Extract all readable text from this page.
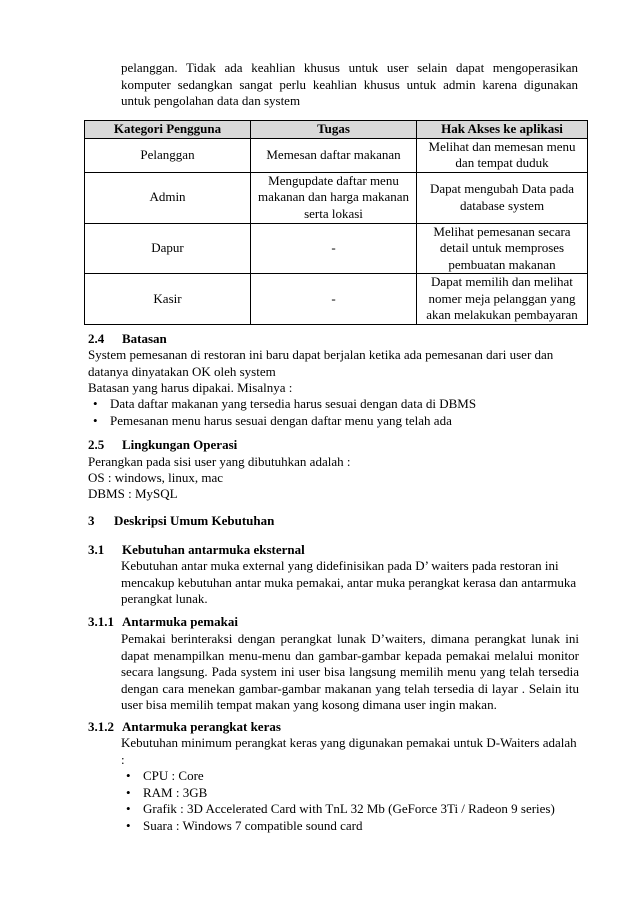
pelanggan. Tidak ada keahlian khusus untuk user selain dapat mengoperasikan komputer sedangkan sangat perlu keahlian khusus untuk admin karena digunakan untuk pengolahan data dan system
Kategori Pengguna	Tugas	Hak Akses ke aplikasi
Pelanggan	Memesan daftar makanan	Melihat dan memesan menu dan tempat duduk
Admin	Mengupdate daftar menu makanan dan harga makanan serta lokasi	Dapat mengubah Data pada database system
Dapur	-	Melihat pemesanan secara detail untuk memproses pembuatan makanan
Kasir	-	Dapat memilih dan melihat nomer meja pelanggan yang akan melakukan pembayaran
2.4 Batasan
System pemesanan di restoran ini baru dapat berjalan ketika ada pemesanan dari user dan datanya dinyatakan OK oleh system
Batasan yang harus dipakai. Misalnya :
• Data daftar makanan yang tersedia harus sesuai dengan data di DBMS
• Pemesanan menu harus sesuai dengan daftar menu yang telah ada
2.5 Lingkungan Operasi
Perangkan pada sisi user yang dibutuhkan adalah :
OS : windows, linux, mac
DBMS : MySQL
3 Deskripsi Umum Kebutuhan
3.1 Kebutuhan antarmuka eksternal
Kebutuhan antar muka external yang didefinisikan pada D’ waiters pada restoran ini mencakup kebutuhan antar muka pemakai, antar muka perangkat kerasa dan antarmuka perangkat lunak.
3.1.1 Antarmuka pemakai
Pemakai berinteraksi dengan perangkat lunak D’waiters, dimana perangkat lunak ini dapat menampilkan menu-menu dan gambar-gambar kepada pemakai melalui monitor secara langsung. Pada system ini user bisa langsung memilih menu yang telah tersedia dengan cara menekan gambar-gambar makanan yang telah tersedia di layar . Selain itu user bisa memilih tempat makan yang kosong dimana user ingin makan.
3.1.2 Antarmuka perangkat keras
Kebutuhan minimum perangkat keras yang digunakan pemakai untuk D-Waiters adalah :
• CPU : Core
• RAM : 3GB
• Grafik : 3D Accelerated Card with TnL 32 Mb (GeForce 3Ti / Radeon 9 series)
• Suara : Windows 7 compatible sound card
